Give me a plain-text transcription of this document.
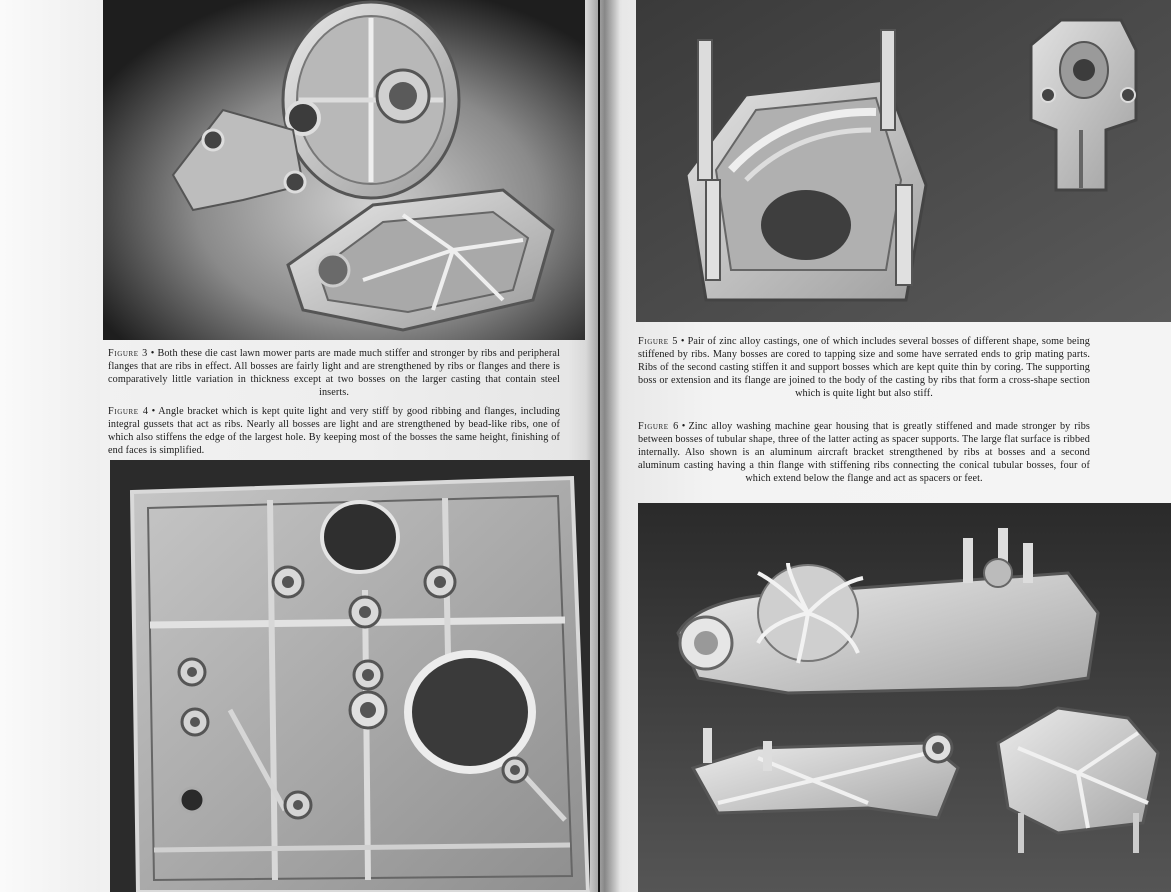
Figure 3 • Both these die cast lawn mower parts are made much stiffer and stronger by ribs and peripheral flanges that are ribs in effect. All bosses are fairly light and are strengthened by ribs or flanges and there is comparatively little variation in thickness except at two bosses on the larger casting that contain steel inserts.
Figure 4 • Angle bracket which is kept quite light and very stiff by good ribbing and flanges, including integral gussets that act as ribs. Nearly all bosses are light and are strengthened by bead-like ribs, one of which also stiffens the edge of the largest hole. By keeping most of the bosses the same height, finishing of end faces is simplified.
Figure 5 • Pair of zinc alloy castings, one of which includes several bosses of different shape, some being stiffened by ribs. Many bosses are cored to tapping size and some have serrated ends to grip mating parts. Ribs of the second casting stiffen it and support bosses which are kept quite thin by coring. The supporting boss or extension and its flange are joined to the body of the casting by ribs that form a cross-shape section which is quite light but also stiff.
Figure 6 • Zinc alloy washing machine gear housing that is greatly stiffened and made stronger by ribs between bosses of tubular shape, three of the latter acting as spacer supports. The large flat surface is ribbed internally. Also shown is an aluminum aircraft bracket strengthened by ribs at bosses and a second aluminum casting having a thin flange with stiffening ribs connecting the conical tubular bosses, four of which extend below the flange and act as spacers or feet.
